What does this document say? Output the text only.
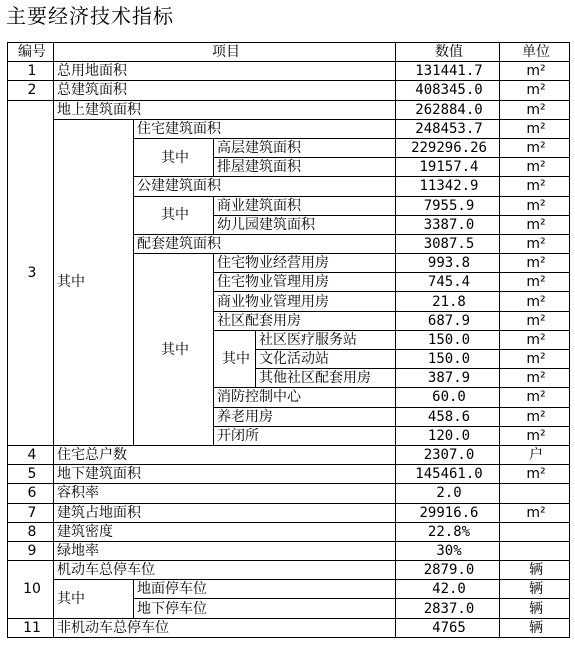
主要经济技术指标
编号	项目				数值	单位
1	总用地面积				131441.7	m²
2	总建筑面积				408345.0	m²
3	地上建筑面积				262884.0	m²
	其中	住宅建筑面积			248453.7	m²
		其中	高层建筑面积		229296.26	m²
			排屋建筑面积		19157.4	m²
		公建建筑面积			11342.9	m²
		其中	商业建筑面积		7955.9	m²
			幼儿园建筑面积		3387.0	m²
		配套建筑面积			3087.5	m²
		其中	住宅物业经营用房		993.8	m²
			住宅物业管理用房		745.4	m²
			商业物业管理用房		21.8	m²
			社区配套用房		687.9	m²
			其中	社区医疗服务站	150.0	m²
				文化活动站	150.0	m²
				其他社区配套用房	387.9	m²
			消防控制中心		60.0	m²
			养老用房		458.6	m²
			开闭所		120.0	m²
4	住宅总户数				2307.0	户
5	地下建筑面积				145461.0	m²
6	容积率				2.0	
7	建筑占地面积				29916.6	m²
8	建筑密度				22.8%	
9	绿地率				30%	
10	机动车总停车位				2879.0	辆
	其中	地面停车位			42.0	辆
		地下停车位			2837.0	辆
11	非机动车总停车位				4765	辆
